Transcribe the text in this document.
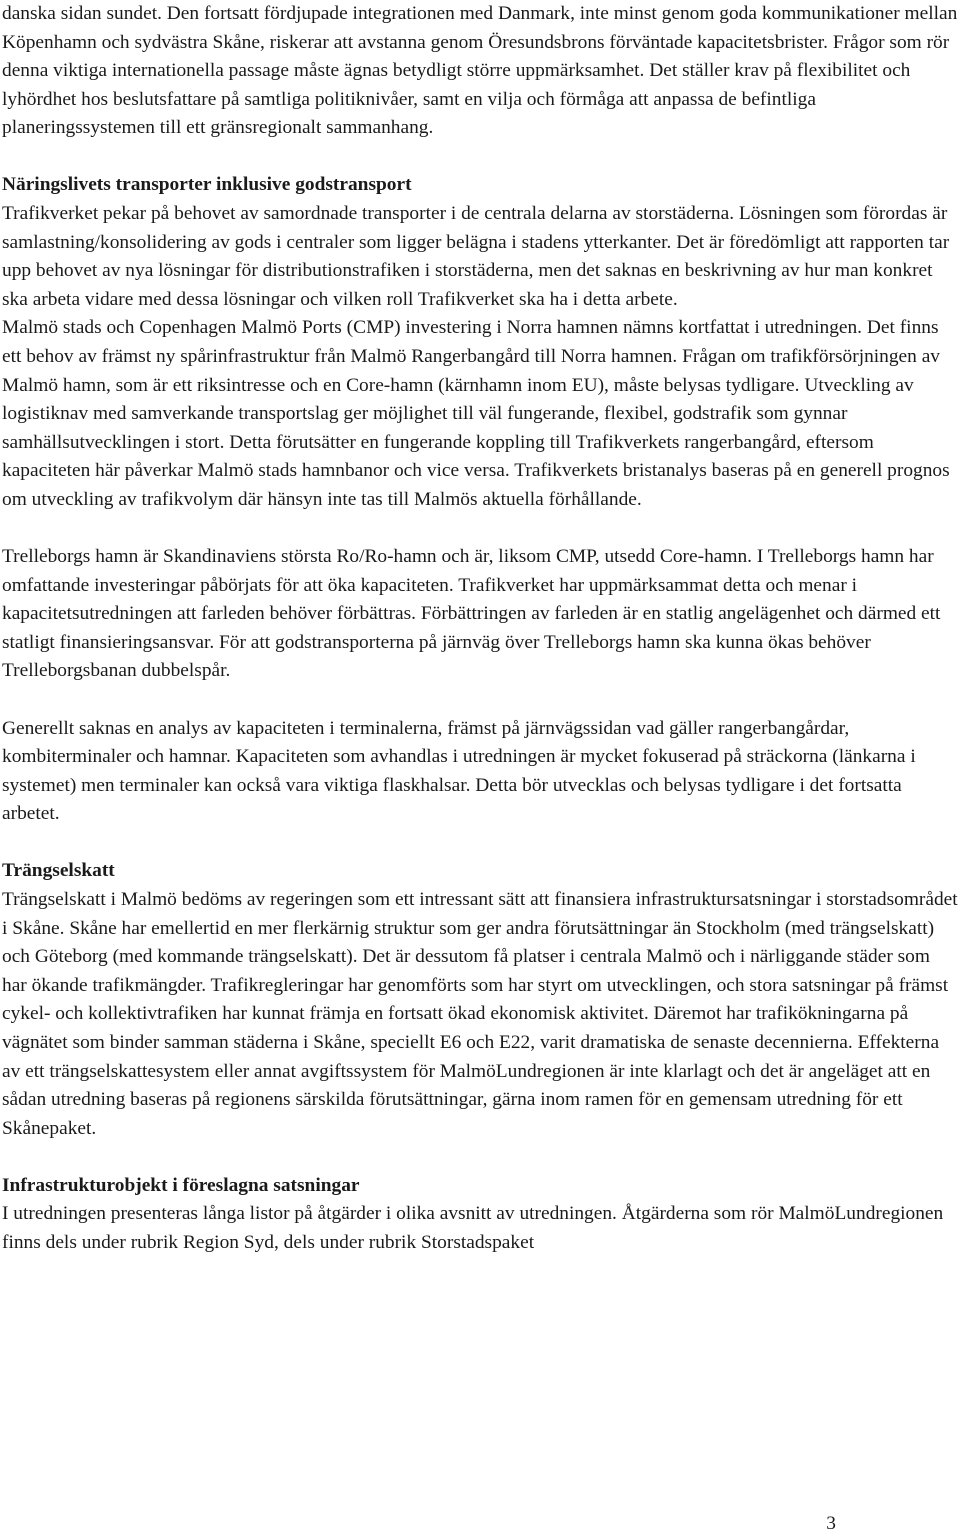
danska sidan sundet. Den fortsatt fördjupade integrationen med Danmark, inte minst genom goda kommunikationer mellan Köpenhamn och sydvästra Skåne, riskerar att avstanna genom Öresundsbrons förväntade kapacitetsbrister. Frågor som rör denna viktiga internationella passage måste ägnas betydligt större uppmärksamhet. Det ställer krav på flexibilitet och lyhördhet hos beslutsfattare på samtliga politiknivåer, samt en vilja och förmåga att anpassa de befintliga planeringssystemen till ett gränsregionalt sammanhang.

Näringslivets transporter inklusive godstransport

Trafikverket pekar på behovet av samordnade transporter i de centrala delarna av storstäderna. Lösningen som förordas är samlastning/konsolidering av gods i centraler som ligger belägna i stadens ytterkanter. Det är föredömligt att rapporten tar upp behovet av nya lösningar för distributionstrafiken i storstäderna, men det saknas en beskrivning av hur man konkret ska arbeta vidare med dessa lösningar och vilken roll Trafikverket ska ha i detta arbete.

Malmö stads och Copenhagen Malmö Ports (CMP) investering i Norra hamnen nämns kortfattat i utredningen. Det finns ett behov av främst ny spårinfrastruktur från Malmö Rangerbangård till Norra hamnen. Frågan om trafikförsörjningen av Malmö hamn, som är ett riksintresse och en Core-hamn (kärnhamn inom EU), måste belysas tydligare. Utveckling av logistiknav med samverkande transportslag ger möjlighet till väl fungerande, flexibel, godstrafik som gynnar samhällsutvecklingen i stort. Detta förutsätter en fungerande koppling till Trafikverkets rangerbangård, eftersom kapaciteten här påverkar Malmö stads hamnbanor och vice versa. Trafikverkets bristanalys baseras på en generell prognos om utveckling av trafikvolym där hänsyn inte tas till Malmös aktuella förhållande.

Trelleborgs hamn är Skandinaviens största Ro/Ro-hamn och är, liksom CMP, utsedd Core-hamn. I Trelleborgs hamn har omfattande investeringar påbörjats för att öka kapaciteten. Trafikverket har uppmärksammat detta och menar i kapacitetsutredningen att farleden behöver förbättras. Förbättringen av farleden är en statlig angelägenhet och därmed ett statligt finansieringsansvar. För att godstransporterna på järnväg över Trelleborgs hamn ska kunna ökas behöver Trelleborgsbanan dubbelspår.

Generellt saknas en analys av kapaciteten i terminalerna, främst på järnvägssidan vad gäller rangerbangårdar, kombiterminaler och hamnar. Kapaciteten som avhandlas i utredningen är mycket fokuserad på sträckorna (länkarna i systemet) men terminaler kan också vara viktiga flaskhalsar. Detta bör utvecklas och belysas tydligare i det fortsatta arbetet.

Trängselskatt

Trängselskatt i Malmö bedöms av regeringen som ett intressant sätt att finansiera infrastruktursatsningar i storstadsområdet i Skåne. Skåne har emellertid en mer flerkärnig struktur som ger andra förutsättningar än Stockholm (med trängselskatt) och Göteborg (med kommande trängselskatt). Det är dessutom få platser i centrala Malmö och i närliggande städer som har ökande trafikmängder. Trafikregleringar har genomförts som har styrt om utvecklingen, och stora satsningar på främst cykel- och kollektivtrafiken har kunnat främja en fortsatt ökad ekonomisk aktivitet. Däremot har trafikökningarna på vägnätet som binder samman städerna i Skåne, speciellt E6 och E22, varit dramatiska de senaste decennierna. Effekterna av ett trängselskattesystem eller annat avgiftssystem för MalmöLundregionen är inte klarlagt och det är angeläget att en sådan utredning baseras på regionens särskilda förutsättningar, gärna inom ramen för en gemensam utredning för ett Skånepaket.

Infrastrukturobjekt i föreslagna satsningar

I utredningen presenteras långa listor på åtgärder i olika avsnitt av utredningen. Åtgärderna som rör MalmöLundregionen finns dels under rubrik Region Syd, dels under rubrik Storstadspaket

3
